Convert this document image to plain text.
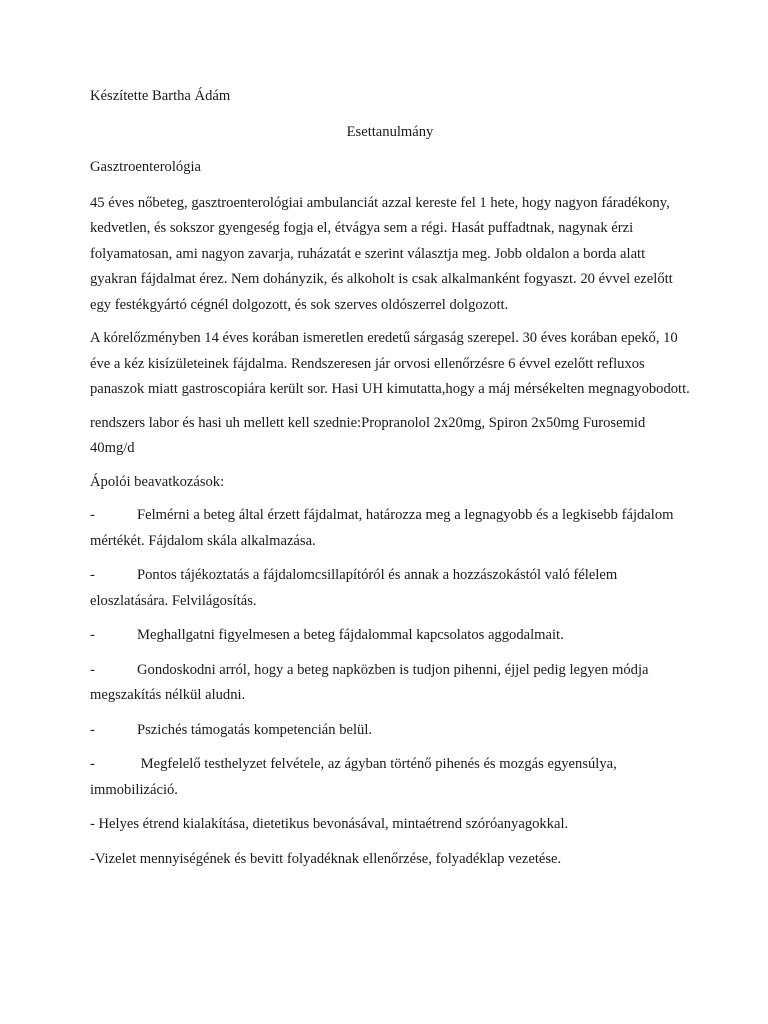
Készítette Bartha Ádám

Esettanulmány

Gasztroenterológia

45 éves nőbeteg, gasztroenterológiai ambulanciát azzal kereste fel 1 hete, hogy nagyon fáradékony, kedvetlen, és sokszor gyengeség fogja el, étvágya sem a régi. Hasát puffadtnak, nagynak érzi folyamatosan, ami nagyon zavarja, ruházatát e szerint választja meg. Jobb oldalon a borda alatt gyakran fájdalmat érez. Nem dohányzik, és alkoholt is csak alkalmanként fogyaszt. 20 évvel ezelőtt egy festékgyártó cégnél dolgozott, és sok szerves oldószerrel dolgozott.

A kórelőzményben 14 éves korában ismeretlen eredetű sárgaság szerepel. 30 éves korában epekő, 10 éve a kéz kisízületeinek fájdalma. Rendszeresen jár orvosi ellenőrzésre 6 évvel ezelőtt refluxos panaszok miatt gastroscopiára került sor. Hasi UH kimutatta,hogy a máj mérsékelten megnagyobodott.

rendszers labor és hasi uh mellett kell szednie:Propranolol 2x20mg, Spiron 2x50mg Furosemid 40mg/d

Ápolói beavatkozások:

-	Felmérni a beteg által érzett fájdalmat, határozza meg a legnagyobb és a legkisebb fájdalom mértékét. Fájdalom skála alkalmazása.

-	Pontos tájékoztatás a fájdalomcsillapítóról és annak a hozzászokástól való félelem eloszlatására. Felvilágosítás.

-	Meghallgatni figyelmesen a beteg fájdalommal kapcsolatos aggodalmait.

-	Gondoskodni arról, hogy a beteg napközben is tudjon pihenni, éjjel pedig legyen módja megszakítás nélkül aludni.

-	Pszichés támogatás kompetencián belül.

-	Megfelelő testhelyzet felvétele, az ágyban történő pihenés és mozgás egyensúlya, immobilizáció.

- Helyes étrend kialakítása, dietetikus bevonásával, mintaétrend szóróanyagokkal.

-Vizelet mennyiségének és bevitt folyadéknak ellenőrzése, folyadéklap vezetése.
